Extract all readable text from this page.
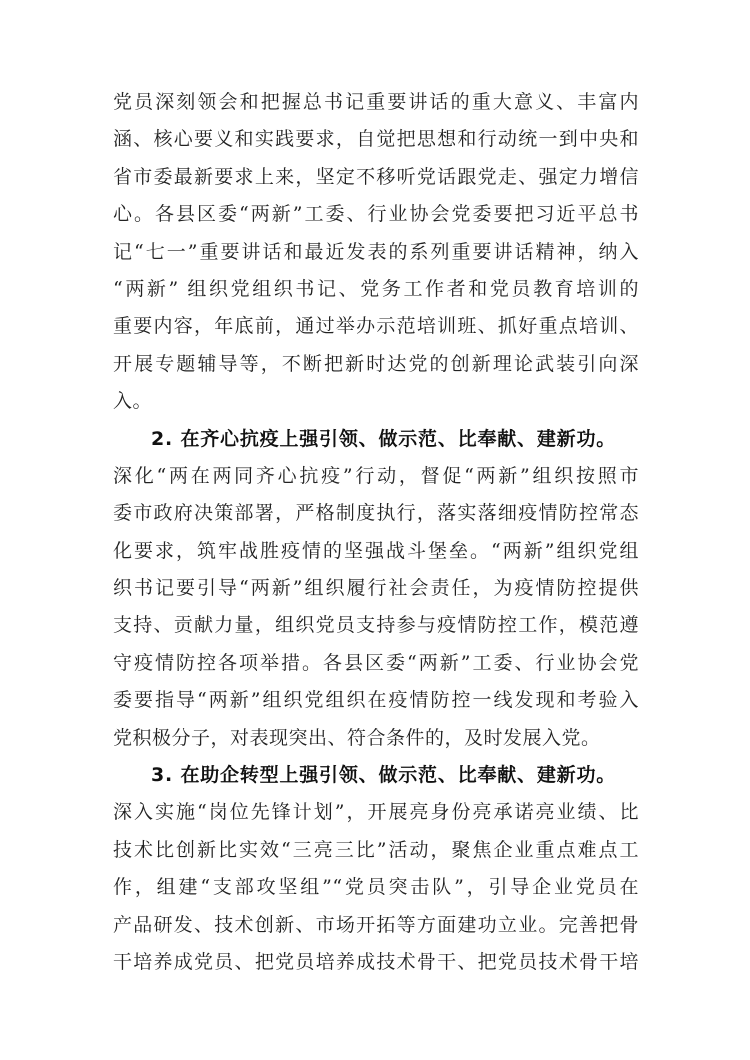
党员深刻领会和把握总书记重要讲话的重大意义、丰富内
涵、核心要义和实践要求，自觉把思想和行动统一到中央和
省市委最新要求上来，坚定不移听党话跟党走、强定力增信
心。各县区委“两新”工委、行业协会党委要把习近平总书
记“七一”重要讲话和最近发表的系列重要讲话精神，纳入
“两新” 组织党组织书记、党务工作者和党员教育培训的
重要内容，年底前，通过举办示范培训班、抓好重点培训、
开展专题辅导等，不断把新时达党的创新理论武装引向深
入。
2. 在齐心抗疫上强引领、做示范、比奉献、建新功。
深化“两在两同齐心抗疫”行动，督促“两新”组织按照市
委市政府决策部署，严格制度执行，落实落细疫情防控常态
化要求，筑牢战胜疫情的坚强战斗堡垒。“两新”组织党组
织书记要引导“两新”组织履行社会责任，为疫情防控提供
支持、贡献力量，组织党员支持参与疫情防控工作，模范遵
守疫情防控各项举措。各县区委“两新”工委、行业协会党
委要指导“两新”组织党组织在疫情防控一线发现和考验入
党积极分子，对表现突出、符合条件的，及时发展入党。
3. 在助企转型上强引领、做示范、比奉献、建新功。
深入实施“岗位先锋计划”，开展亮身份亮承诺亮业绩、比
技术比创新比实效“三亮三比”活动，聚焦企业重点难点工
作，组建“支部攻坚组”“党员突击队”，引导企业党员在
产品研发、技术创新、市场开拓等方面建功立业。完善把骨
干培养成党员、把党员培养成技术骨干、把党员技术骨干培
